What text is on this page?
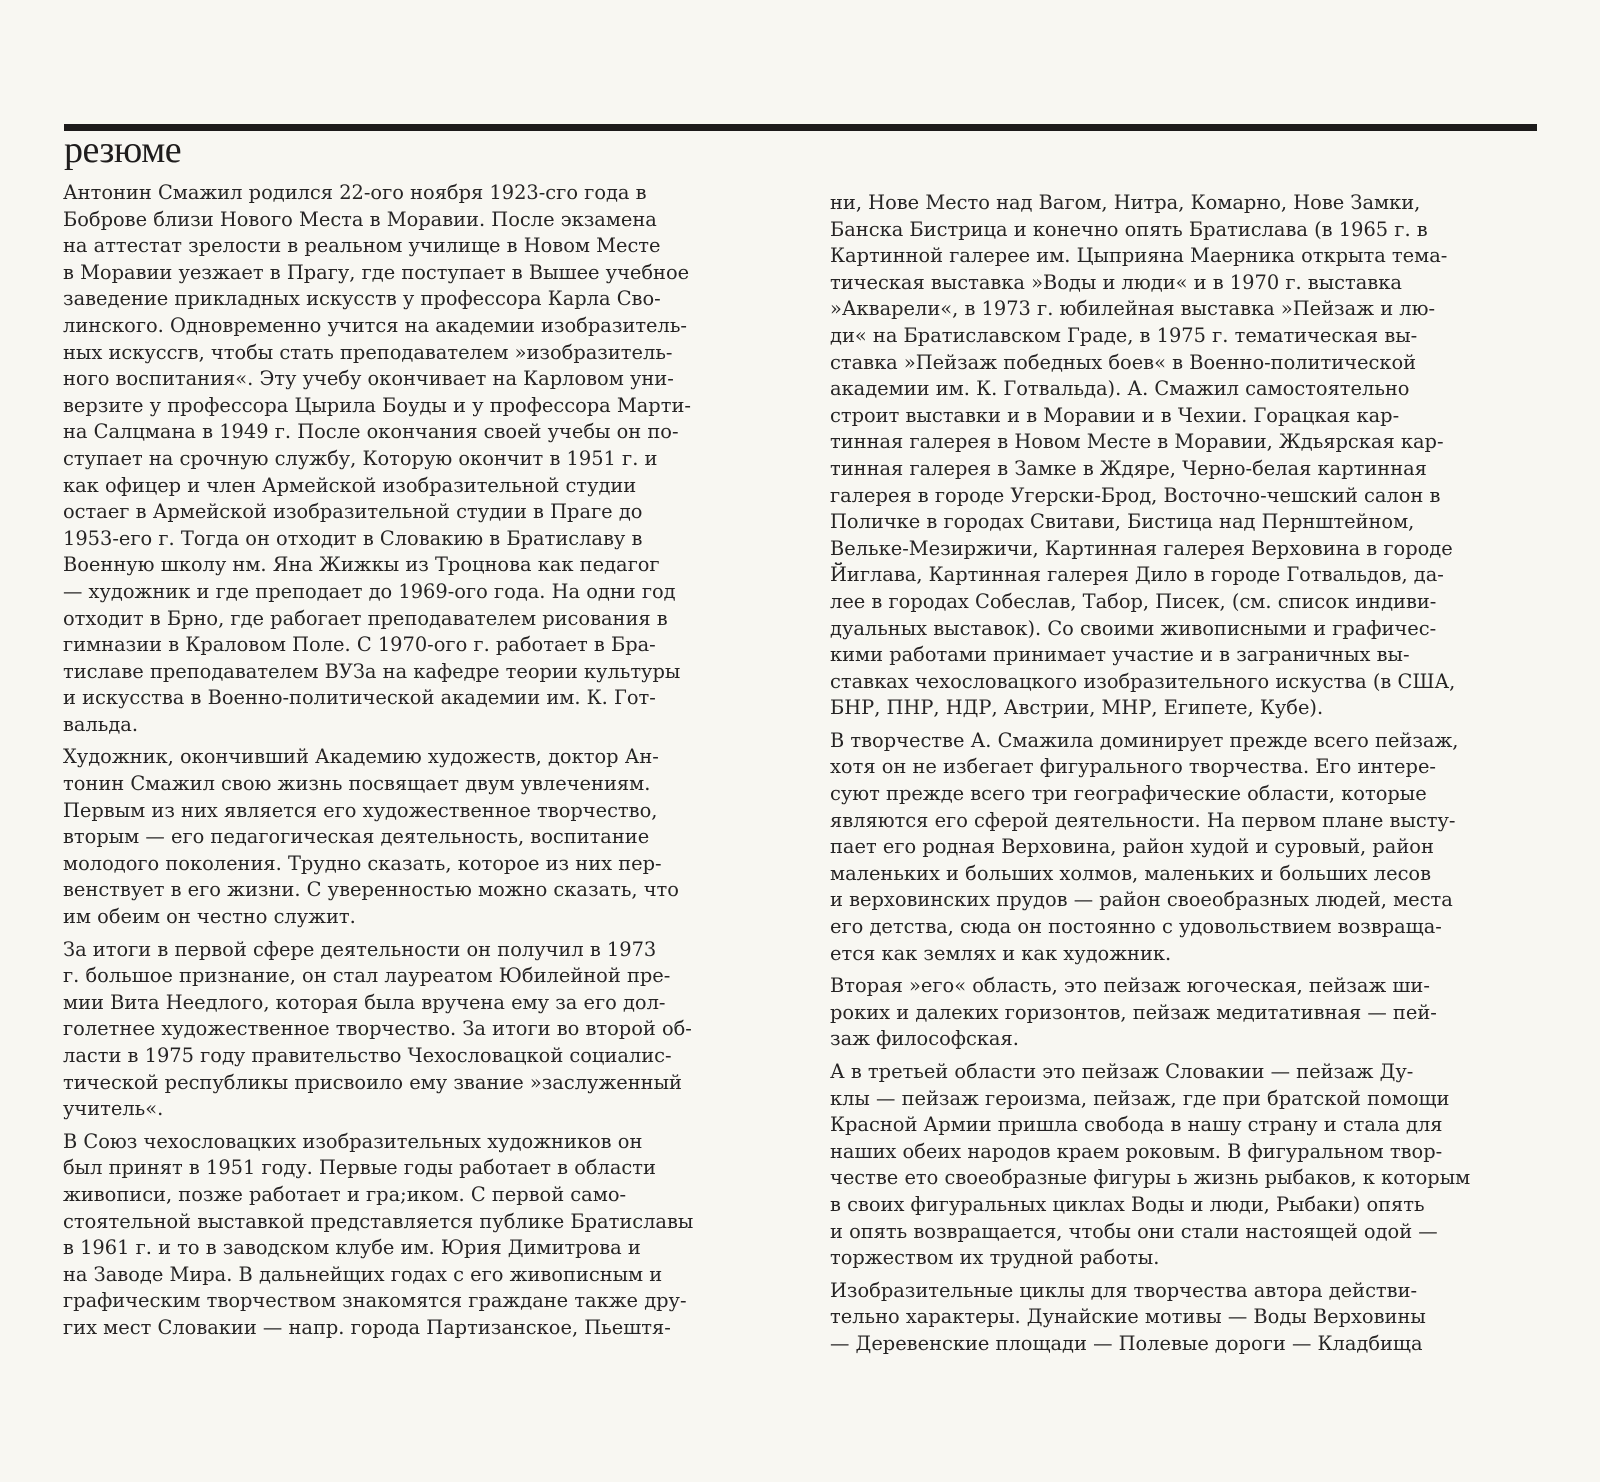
резюме
Антонин Смажил родился 22-ого ноября 1923-сго года в
Боброве близи Нового Места в Моравии. После экзамена
на аттестат зрелости в реальном училище в Новом Месте
в Моравии уезжает в Прагу, где поступает в Вышее учебное
заведение прикладных искусств у профессора Карла Сво-
линского. Одновременно учится на академии изобразитель-
ных искуссгв, чтобы стать преподавателем »изобразитель-
ного воспитания«. Эту учебу окончивает на Карловом уни-
верзите у профессора Цырила Боуды и у профессора Марти-
на Салцмана в 1949 г. После окончания своей учебы он по-
ступает на срочную службу, Которую окончит в 1951 г. и
как офицер и член Армейской изобразительной студии
остаег в Армейской изобразительной студии в Праге до
1953-его г. Тогда он отходит в Словакию в Братиславу в
Военную школу нм. Яна Жижкы из Троцнова как педагог
— художник и где преподает до 1969-ого года. На одни год
отходит в Брно, где рабогает преподавателем рисования в
гимназии в Краловом Поле. С 1970-ого г. работает в Бра-
тиславе преподавателем ВУЗа на кафедре теории культуры
и искусства в Военно-политической академии им. К. Гот-
вальда.
Художник, окончивший Академию художеств, доктор Ан-
тонин Смажил свою жизнь посвящает двум увлечениям.
Первым из них является его художественное творчество,
вторым — его педагогическая деятельность, воспитание
молодого поколения. Трудно сказать, которое из них пер-
венствует в его жизни. С уверенностью можно сказать, что
им обеим он честно служит.
За итоги в первой сфере деятельности он получил в 1973
г. большое признание, он стал лауреатом Юбилейной пре-
мии Вита Неедлого, которая была вручена ему за его дол-
голетнее художественное творчество. За итоги во второй об-
ласти в 1975 году правительство Чехословацкой социалис-
тической республикы присвоило ему звание »заслуженный
учитель«.
В Союз чехословацких изобразительных художников он
был принят в 1951 году. Первые годы работает в области
живописи, позже работает и гра;иком. С первой само-
стоятельной выставкой представляется публике Братиславы
в 1961 г. и то в заводском клубе им. Юрия Димитрова и
на Заводе Мира. В дальнейщих годах с его живописным и
графическим творчеством знакомятся граждане также дру-
гих мест Словакии — напр. города Партизанское, Пьештя-
ни, Нове Место над Вагом, Нитра, Комарно, Нове Замки,
Банска Бистрица и конечно опять Братислава (в 1965 г. в
Картинной галерее им. Цыприяна Маерника открыта тема-
тическая выставка »Воды и люди« и в 1970 г. выставка
»Акварели«, в 1973 г. юбилейная выставка »Пейзаж и лю-
ди« на Братиславском Граде, в 1975 г. тематическая вы-
ставка »Пейзаж победных боев« в Военно-политической
академии им. К. Готвальда). А. Смажил самостоятельно
строит выставки и в Моравии и в Чехии. Горацкая кар-
тинная галерея в Новом Месте в Моравии, Ждьярская кар-
тинная галерея в Замке в Ждяре, Черно-белая картинная
галерея в городе Угерски-Брод, Восточно-чешский салон в
Поличке в городах Свитави, Бистица над Пернштейном,
Вельке-Мезиржичи, Картинная галерея Верховина в городе
Йиглава, Картинная галерея Дило в городе Готвальдов, да-
лее в городах Собеслав, Табор, Писек, (см. список индиви-
дуальных выставок). Со своими живописными и графичес-
кими работами принимает участие и в заграничных вы-
ставках чехословацкого изобразительного искуства (в США,
БНР, ПНР, НДР, Австрии, МНР, Египете, Кубе).
В творчестве А. Смажила доминирует прежде всего пейзаж,
хотя он не избегает фигурального творчества. Его интере-
суют прежде всего три географические области, которые
являются его сферой деятельности. На первом плане высту-
пает его родная Верховина, район худой и суровый, район
маленьких и больших холмов, маленьких и больших лесов
и верховинских прудов — район своеобразных людей, места
его детства, сюда он постоянно с удовольствием возвраща-
ется как землях и как художник.
Вторая »его« область, это пейзаж югоческая, пейзаж ши-
роких и далеких горизонтов, пейзаж медитативная — пей-
заж философская.
А в третьей области это пейзаж Словакии — пейзаж Ду-
клы — пейзаж героизма, пейзаж, где при братской помощи
Красной Армии пришла свобода в нашу страну и стала для
наших обеих народов краем роковым. В фигуральном твор-
честве ето своеобразные фигуры ь жизнь рыбаков, к которым
в своих фигуральных циклах Воды и люди, Рыбаки) опять
и опять возвращается, чтобы они стали настоящей одой —
торжеством их трудной работы.
Изобразительные циклы для творчества автора действи-
тельно характеры. Дунайские мотивы — Воды Верховины
— Деревенские площади — Полевые дороги — Кладбища
